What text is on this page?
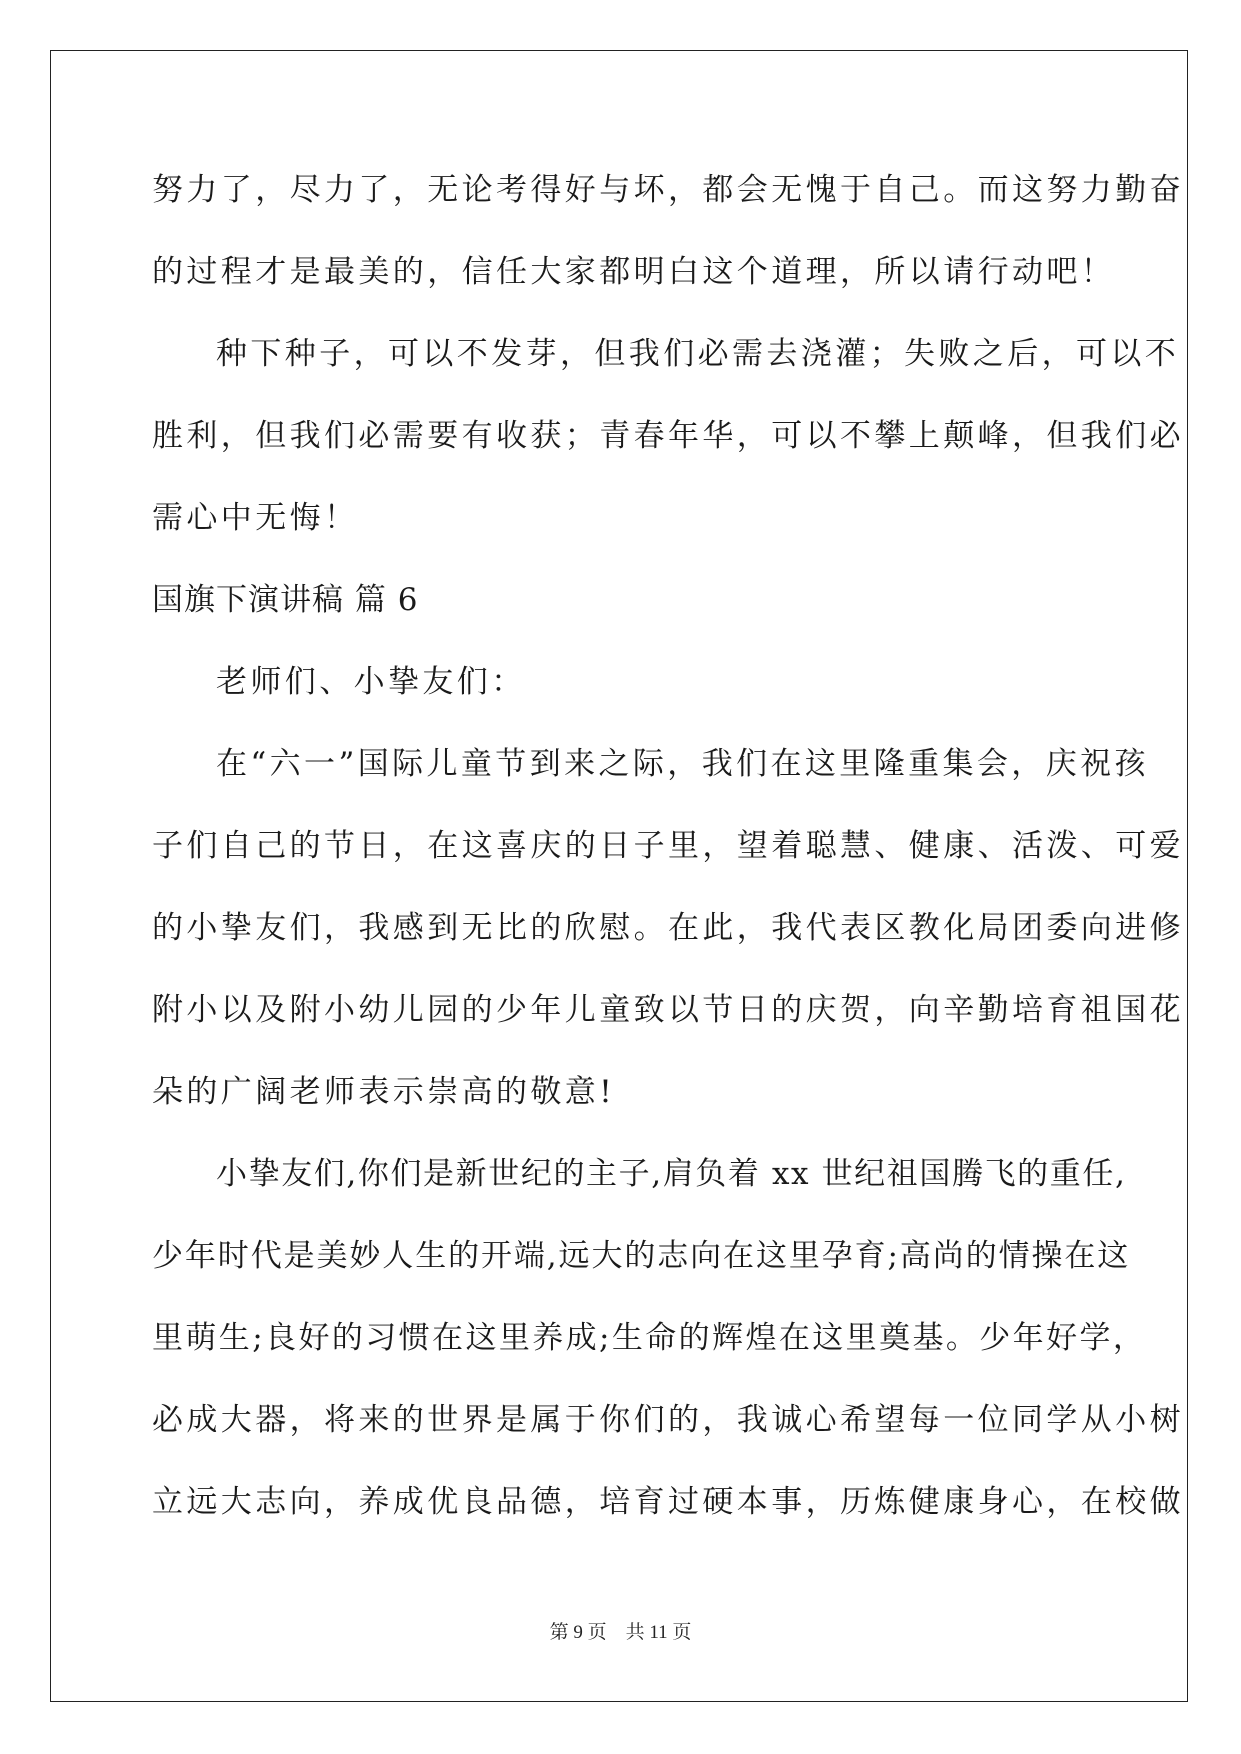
努力了，尽力了，无论考得好与坏，都会无愧于自己。而这努力勤奋
的过程才是最美的，信任大家都明白这个道理，所以请行动吧！
种下种子，可以不发芽，但我们必需去浇灌；失败之后，可以不
胜利，但我们必需要有收获；青春年华，可以不攀上颠峰，但我们必
需心中无悔！
国旗下演讲稿 篇 6
老师们、小挚友们：
在“六一”国际儿童节到来之际，我们在这里隆重集会，庆祝孩
子们自己的节日，在这喜庆的日子里，望着聪慧、健康、活泼、可爱
的小挚友们，我感到无比的欣慰。在此，我代表区教化局团委向进修
附小以及附小幼儿园的少年儿童致以节日的庆贺，向辛勤培育祖国花
朵的广阔老师表示崇高的敬意!
小挚友们,你们是新世纪的主子,肩负着 xx 世纪祖国腾飞的重任,
少年时代是美妙人生的开端,远大的志向在这里孕育;高尚的情操在这
里萌生;良好的习惯在这里养成;生命的辉煌在这里奠基。少年好学，
必成大器，将来的世界是属于你们的，我诚心希望每一位同学从小树
立远大志向，养成优良品德，培育过硬本事，历炼健康身心，在校做
第 9 页 共 11 页
